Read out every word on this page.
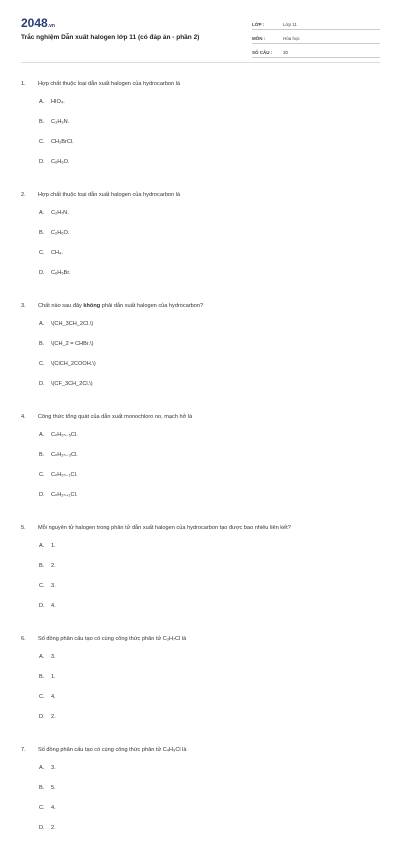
2048.vn
Trắc nghiệm Dẫn xuất halogen lớp 11 (có đáp án - phần 2)
LỚP :	Lớp 11
MÔN :	Hóa học
SỐ CÂU :	30
1.	Hợp chất thuộc loại dẫn xuất halogen của hydrocarbon là
A.	HIO₄.
B.	C₃H₉N.
C.	CH₂BrCl.
D.	C₆H₆O.
2.	Hợp chất thuộc loại dẫn xuất halogen của hydrocarbon là
A.	C₂H₇N.
B.	C₂H₆O.
C.	CH₄.
D.	C₆H₅Br.
3.	Chất nào sau đây không phải dẫn xuất halogen của hydrocarbon?
A.	\(CH_3CH_2Cl.\)
B.	\(CH_2 = CHBr.\)
C.	\(ClCH_2COOH.\)
D.	\(CF_3CH_2Cl.\)
4.	Công thức tổng quát của dẫn xuất monochloro no, mạch hở là
A.	CₙH₂ₙ₋₅Cl.
B.	CₙH₂ₙ₋₃Cl.
C.	CₙH₂ₙ₋₁Cl.
D.	CₙH₂ₙ₊₁Cl.
5.	Mỗi nguyên tử halogen trong phân tử dẫn xuất halogen của hydrocarbon tạo được bao nhiêu liên kết?
A.	1.
B.	2.
C.	3.
D.	4.
6.	Số đồng phân cấu tạo có cùng công thức phân tử C₃H₇Cl là
A.	3.
B.	1.
C.	4.
D.	2.
7.	Số đồng phân cấu tạo có cùng công thức phân tử C₄H₉Cl là
A.	3.
B.	5.
C.	4.
D.	2.
